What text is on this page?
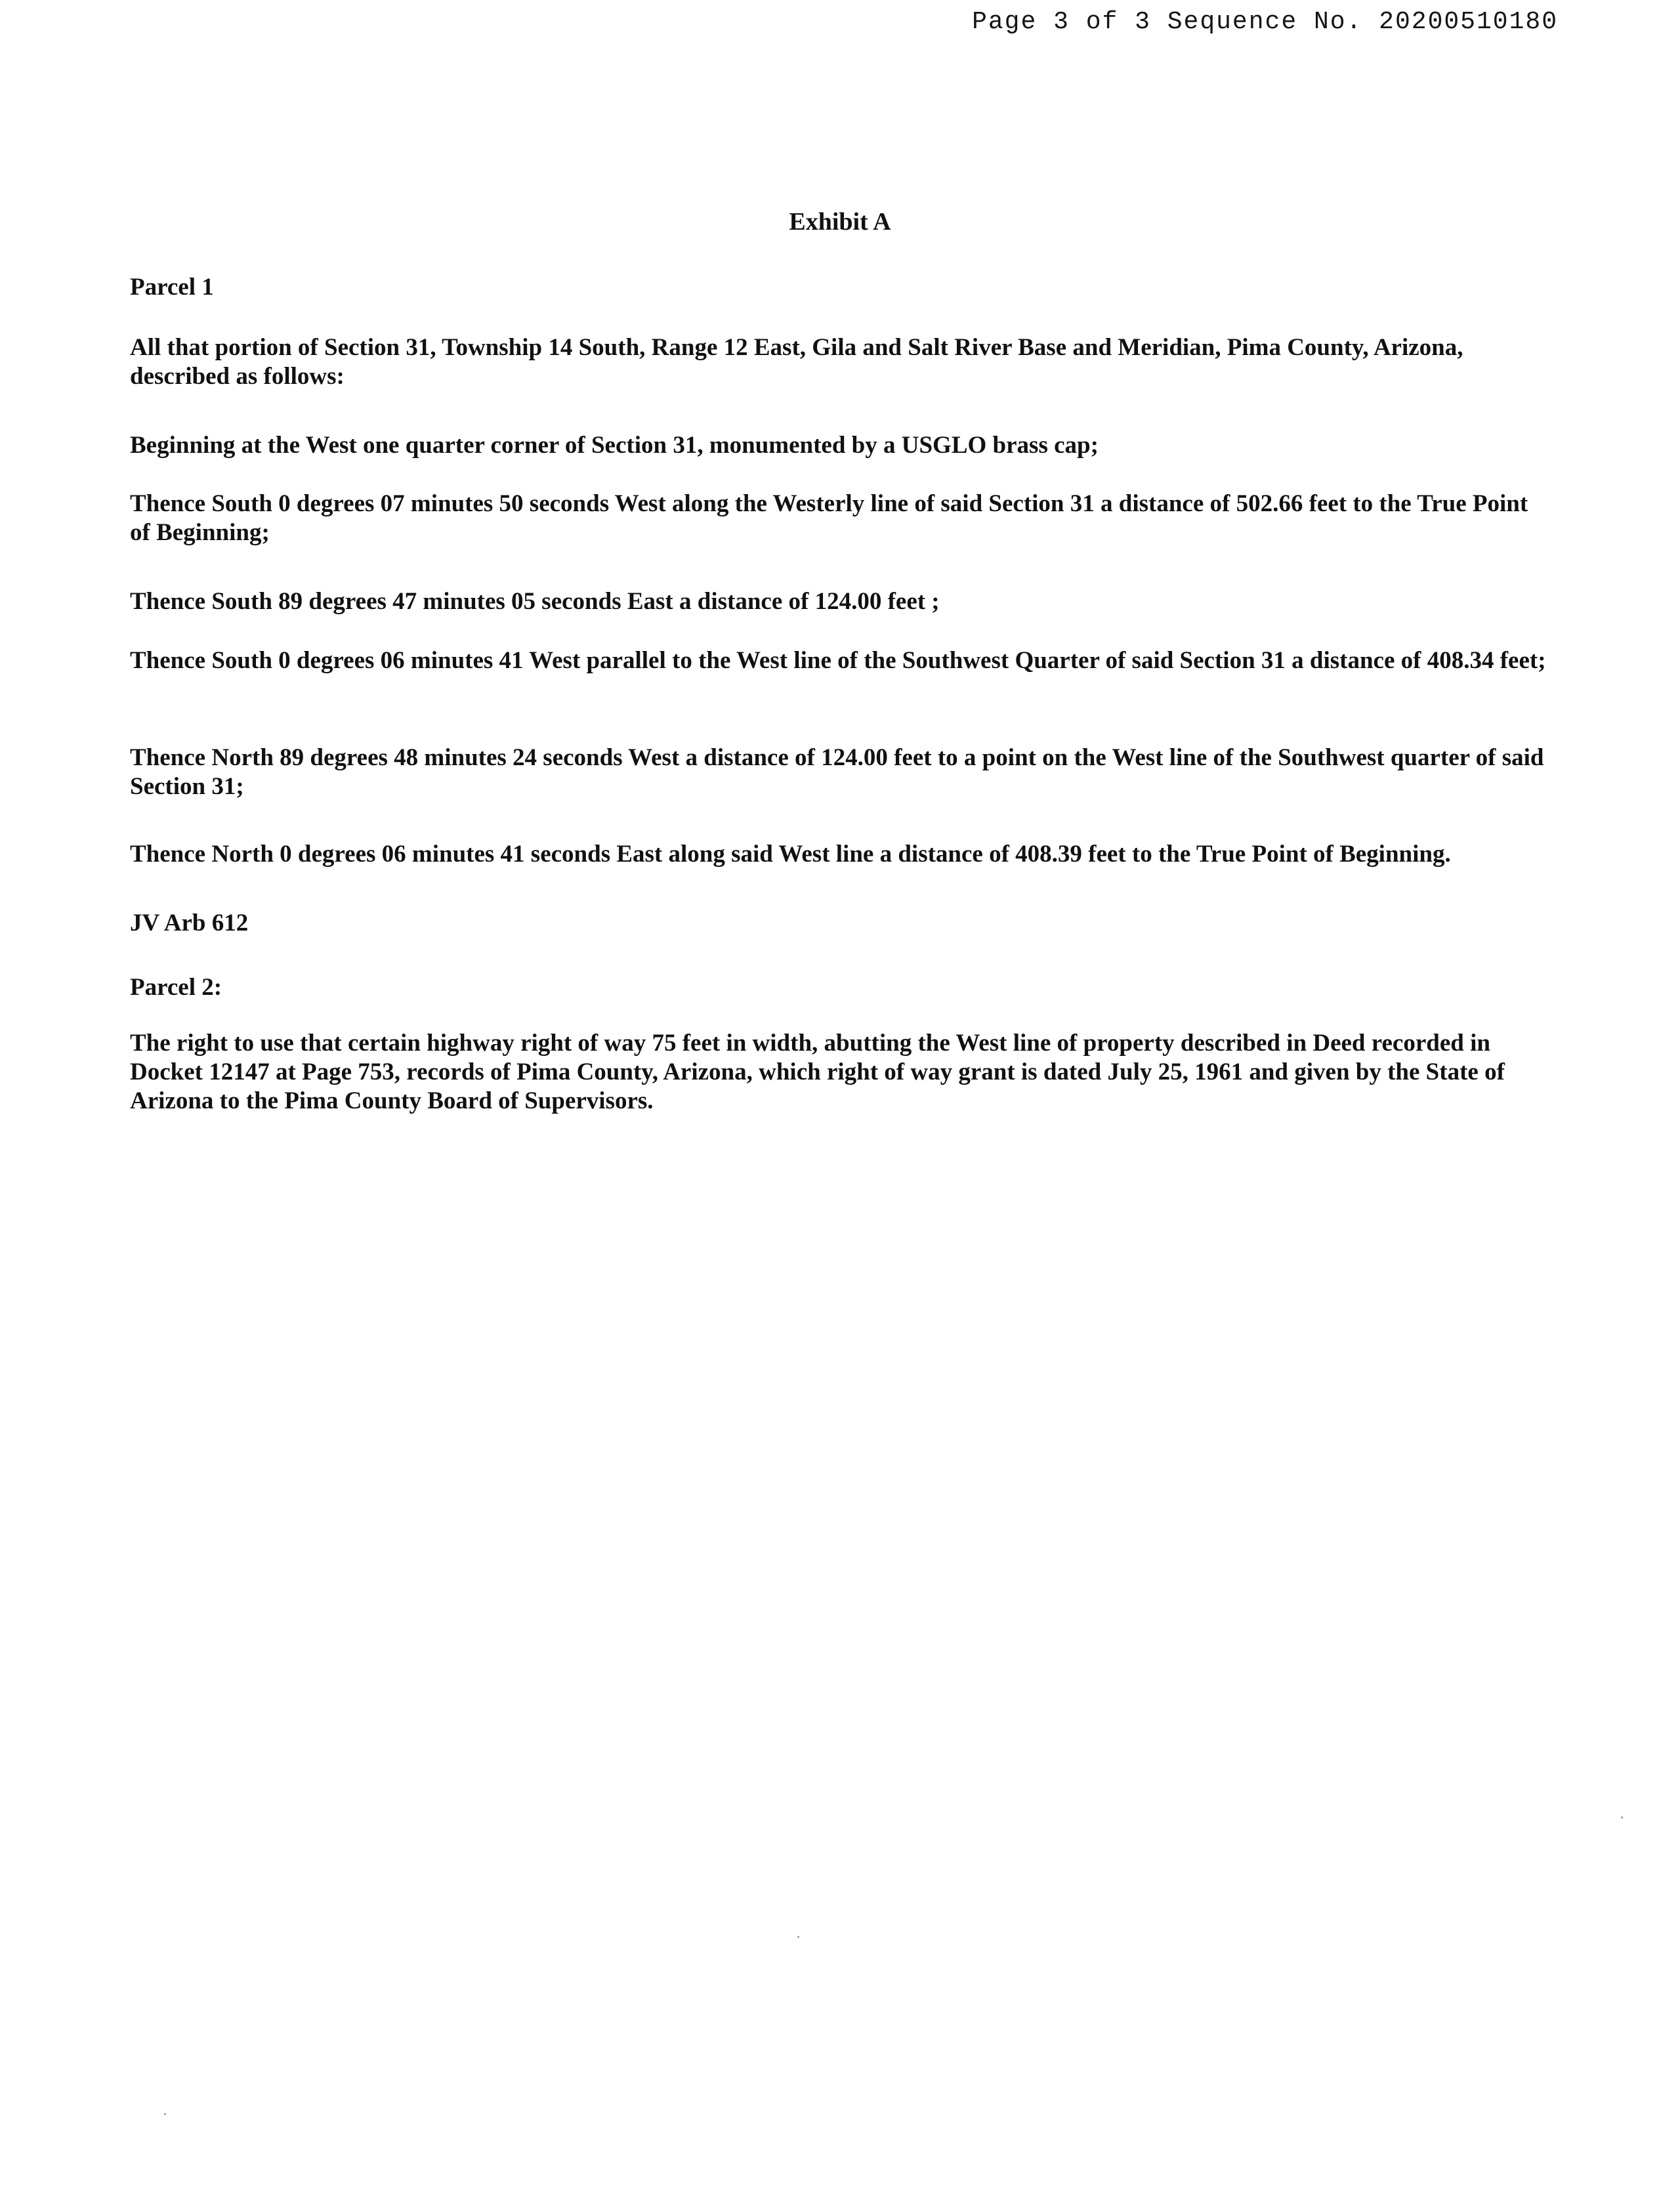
Page 3 of 3 Sequence No. 20200510180
Exhibit A
Parcel 1
All that portion of Section 31, Township 14 South, Range 12 East, Gila and Salt River Base and Meridian, Pima County, Arizona, described as follows:
Beginning at the West one quarter corner of Section 31, monumented by a USGLO brass cap;
Thence South 0 degrees 07 minutes 50 seconds West along the Westerly line of said Section 31 a distance of 502.66 feet to the True Point of Beginning;
Thence South 89 degrees 47 minutes 05 seconds East a distance of 124.00 feet ;
Thence South 0 degrees 06 minutes 41 West parallel to the West line of the Southwest Quarter of said Section 31 a distance of 408.34 feet;
Thence North 89 degrees 48 minutes 24 seconds West a distance of 124.00 feet to a point on the West line of the Southwest quarter of said Section 31;
Thence North 0 degrees 06 minutes 41 seconds East along said West line a distance of 408.39 feet to the True Point of Beginning.
JV Arb 612
Parcel 2:
The right to use that certain highway right of way 75 feet in width, abutting the West line of property described in Deed recorded in Docket 12147 at Page 753, records of Pima County, Arizona, which right of way grant is dated July 25, 1961 and given by the State of Arizona to the Pima County Board of Supervisors.
